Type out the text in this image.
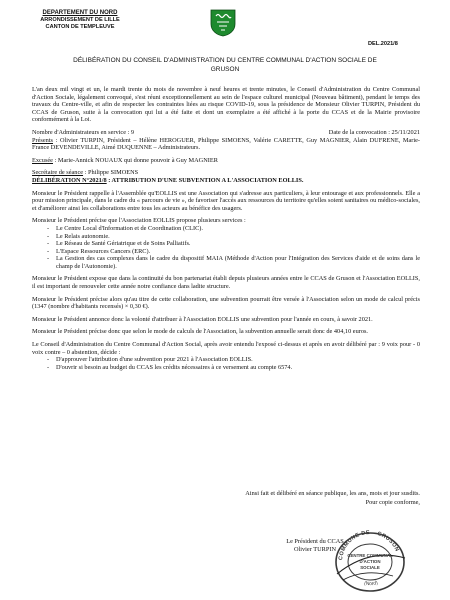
DEPARTEMENT DU NORD
ARRONDISSEMENT DE LILLE
CANTON DE TEMPLEUVE
DEL.2021/8
DÉLIBÉRATION DU CONSEIL D'ADMINISTRATION DU CENTRE COMMUNAL D'ACTION SOCIALE DE
GRUSON

L'an deux mil vingt et un, le mardi trente du mois de novembre à neuf heures et trente minutes, le Conseil d'Administration du Centre Communal d'Action Sociale, légalement convoqué, s'est réuni exceptionnellement au sein de l'espace culturel municipal (Nouveau bâtiment), pendant le temps des travaux du Centre-ville, et afin de respecter les contraintes liées au risque COVID-19, sous la présidence de Monsieur Olivier TURPIN, Président du CCAS de Gruson, suite à la convocation qui lui a été faite et dont un exemplaire a été affiché à la porte du CCAS et de la Mairie provisoire conformément à la Loi.

Nombre d'Administrateurs en service : 9	Date de la convocation : 25/11/2021

Présents : Olivier TURPIN, Président – Hélène HEROGUER, Philippe SIMOENS, Valérie CARETTE, Guy MAGNIER, Alain DUFRENE, Marie-France DEVENDEVILLE, Aimé DUQUENNE – Administrateurs.

Excusée : Marie-Annick NOUAUX qui donne pouvoir à Guy MAGNIER

Secrétaire de séance : Philippe SIMOENS

DÉLIBÉRATION N°2021/8 : ATTRIBUTION D'UNE SUBVENTION A L'ASSOCIATION EOLLIS.

Monsieur le Président rappelle à l'Assemblée qu'EOLLIS est une Association qui s'adresse aux particuliers, à leur entourage et aux professionnels. Elle a pour mission principale, dans le cadre du « parcours de vie », de favoriser l'accès aux ressources du territoire qu'elles soient sanitaires ou médico-sociales, et d'améliorer ainsi les collaborations entre tous les acteurs au bénéfice des usagers.

Monsieur le Président précise que l'Association EOLLIS propose plusieurs services :

- Le Centre Local d'Information et de Coordination (CLIC).
- Le Relais autonomie.
- Le Réseau de Santé Gériatrique et de Soins Palliatifs.
- L'Espace Ressources Cancers (ERC).
- La Gestion des cas complexes dans le cadre du dispositif MAIA (Méthode d'Action pour l'Intégration des Services d'aide et de soins dans le champ de l'Autonomie).

Monsieur le Président expose que dans la continuité du bon partenariat établi depuis plusieurs années entre le CCAS de Gruson et l'Association EOLLIS, il est important de renouveler cette année notre confiance dans ladite structure.

Monsieur le Président précise alors qu'au titre de cette collaboration, une subvention pourrait être versée à l'Association selon un mode de calcul précis (1347 (nombre d'habitants recensés) × 0,30 €).

Monsieur le Président annonce donc la volonté d'attribuer à l'Association EOLLIS une subvention pour l'année en cours, à savoir 2021.

Monsieur le Président précise donc que selon le mode de calculs de l'Association, la subvention annuelle serait donc de 404,10 euros.

Le Conseil d'Administration du Centre Communal d'Action Social, après avoir entendu l'exposé ci-dessus et après en avoir délibéré par : 9 voix pour - 0 voix contre – 0 abstention, décide :

- D'approuver l'attribution d'une subvention pour 2021 à l'Association EOLLIS.
- D'ouvrir si besoin au budget du CCAS les crédits nécessaires à ce versement au compte 6574.
Ainsi fait et délibéré en séance publique, les ans, mois et jour susdits.
Pour copie conforme,
Le Président du CCAS
Olivier TURPIN
COMMUNE DE GRUSON
(Nord)
CENTRE COMMUNAL
D'ACTION
SOCIALE
